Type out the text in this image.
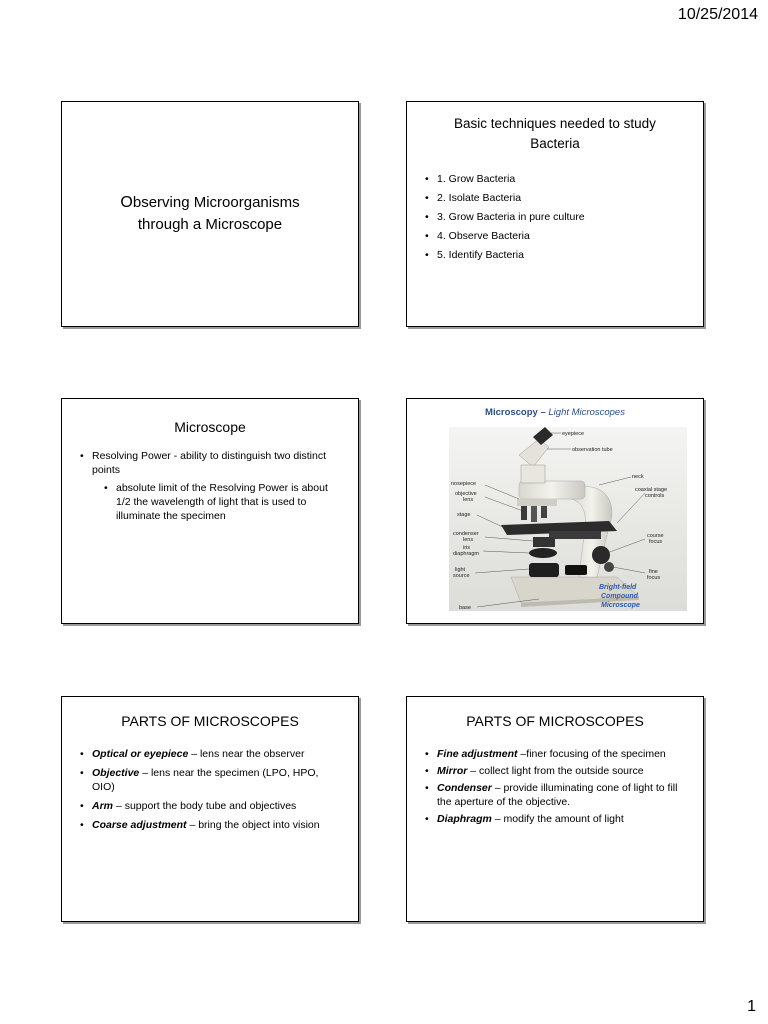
10/25/2014
Observing Microorganisms
through a Microscope
Basic techniques needed to study
Bacteria
• 1. Grow Bacteria
• 2. Isolate Bacteria
• 3. Grow Bacteria in pure culture
• 4. Observe Bacteria
• 5. Identify Bacteria
Microscope
• Resolving Power - ability to distinguish two distinct points
• absolute limit of the Resolving Power is about 1/2 the wavelength of light that is used to illuminate the specimen
Microscopy – Light Microscopes
eyepiece
observation tube
neck
nosepiece
objective
lens
coaxial stage
controls
stage
condenser
lens
iris
diaphragm
course
focus
light
source
fine
focus
base
Bright-field
Compound
Microscope
PARTS OF MICROSCOPES
• Optical or eyepiece – lens near the observer
• Objective – lens near the specimen (LPO, HPO, OIO)
• Arm – support the body tube and objectives
• Coarse adjustment – bring the object into vision
PARTS OF MICROSCOPES
• Fine adjustment –finer focusing of the specimen
• Mirror – collect light from the outside source
• Condenser – provide illuminating cone of light to fill the aperture of the objective.
• Diaphragm – modify the amount of light
1
